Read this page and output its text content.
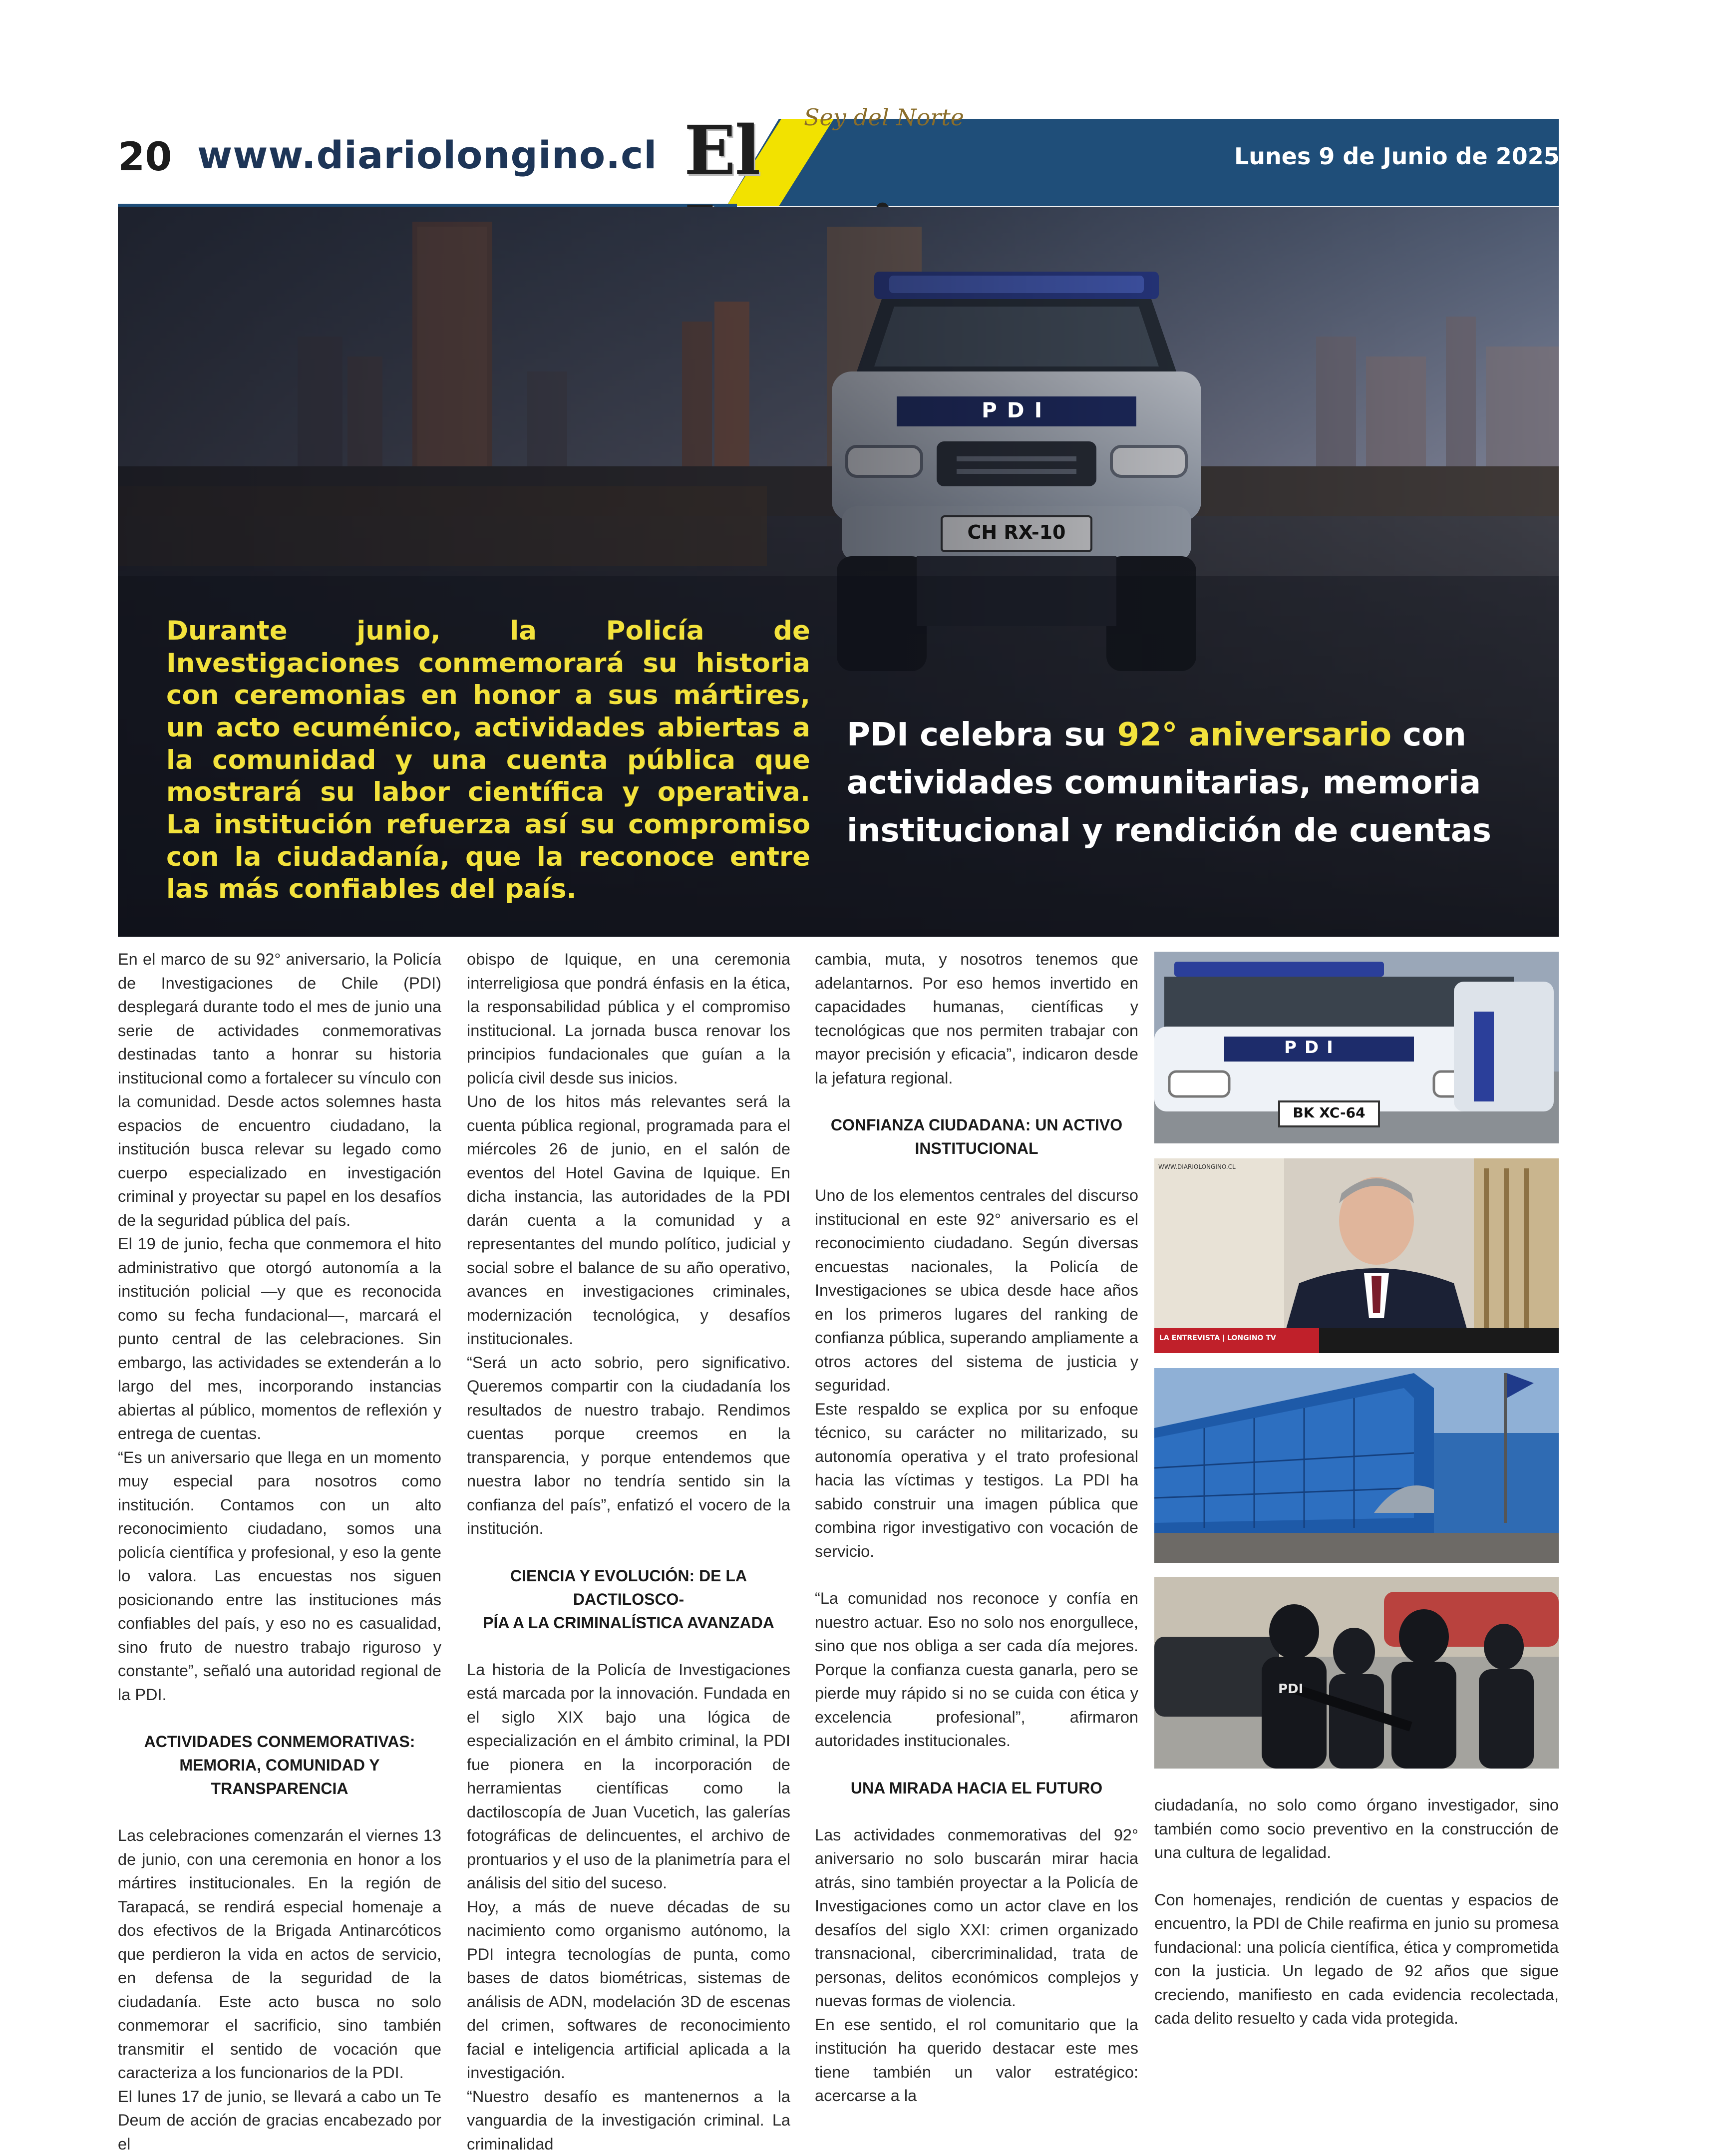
20 www.diariolongino.cl	Lunes 9 de Junio de 2025
Sey del Norte
El
PDI
CH RX-10

Durante junio, la Policía de Investigaciones conmemorará su historia con ceremonias en honor a sus mártires, un acto ecuménico, actividades abiertas a la comunidad y una cuenta pública que mostrará su labor científica y operativa. La institución refuerza así su compromiso con la ciudadanía, que la reconoce entre las más confiables del país.

PDI celebra su 92° aniversario con actividades comunitarias, memoria institucional y rendición de cuentas

En el marco de su 92° aniversario, la Policía de Investigaciones de Chile (PDI) desplegará durante todo el mes de junio una serie de actividades conmemorativas destinadas tanto a honrar su historia institucional como a fortalecer su vínculo con la comunidad. Desde actos solemnes hasta espacios de encuentro ciudadano, la institución busca relevar su legado como cuerpo especializado en investigación criminal y proyectar su papel en los desafíos de la seguridad pública del país.

El 19 de junio, fecha que conmemora el hito administrativo que otorgó autonomía a la institución policial —y que es reconocida como su fecha fundacional—, marcará el punto central de las celebraciones. Sin embargo, las actividades se extenderán a lo largo del mes, incorporando instancias abiertas al público, momentos de reflexión y entrega de cuentas.

“Es un aniversario que llega en un momento muy especial para nosotros como institución. Contamos con un alto reconocimiento ciudadano, somos una policía científica y profesional, y eso la gente lo valora. Las encuestas nos siguen posicionando entre las instituciones más confiables del país, y eso no es casualidad, sino fruto de nuestro trabajo riguroso y constante”, señaló una autoridad regional de la PDI.

ACTIVIDADES CONMEMORATIVAS:
MEMORIA, COMUNIDAD Y TRANSPARENCIA

Las celebraciones comenzarán el viernes 13 de junio, con una ceremonia en honor a los mártires institucionales. En la región de Tarapacá, se rendirá especial homenaje a dos efectivos de la Brigada Antinarcóticos que perdieron la vida en actos de servicio, en defensa de la seguridad de la ciudadanía. Este acto busca no solo conmemorar el sacrificio, sino también transmitir el sentido de vocación que caracteriza a los funcionarios de la PDI.

El lunes 17 de junio, se llevará a cabo un Te Deum de acción de gracias encabezado por el

obispo de Iquique, en una ceremonia interreligiosa que pondrá énfasis en la ética, la responsabilidad pública y el compromiso institucional. La jornada busca renovar los principios fundacionales que guían a la policía civil desde sus inicios.

Uno de los hitos más relevantes será la cuenta pública regional, programada para el miércoles 26 de junio, en el salón de eventos del Hotel Gavina de Iquique. En dicha instancia, las autoridades de la PDI darán cuenta a la comunidad y a representantes del mundo político, judicial y social sobre el balance de su año operativo, avances en investigaciones criminales, modernización tecnológica, y desafíos institucionales.

“Será un acto sobrio, pero significativo. Queremos compartir con la ciudadanía los resultados de nuestro trabajo. Rendimos cuentas porque creemos en la transparencia, y porque entendemos que nuestra labor no tendría sentido sin la confianza del país”, enfatizó el vocero de la institución.

CIENCIA Y EVOLUCIÓN: DE LA DACTILOSCO-
PÍA A LA CRIMINALÍSTICA AVANZADA

La historia de la Policía de Investigaciones está marcada por la innovación. Fundada en el siglo XIX bajo una lógica de especialización en el ámbito criminal, la PDI fue pionera en la incorporación de herramientas científicas como la dactiloscopía de Juan Vucetich, las galerías fotográficas de delincuentes, el archivo de prontuarios y el uso de la planimetría para el análisis del sitio del suceso.

Hoy, a más de nueve décadas de su nacimiento como organismo autónomo, la PDI integra tecnologías de punta, como bases de datos biométricas, sistemas de análisis de ADN, modelación 3D de escenas del crimen, softwares de reconocimiento facial e inteligencia artificial aplicada a la investigación.

“Nuestro desafío es mantenernos a la vanguardia de la investigación criminal. La criminalidad

cambia, muta, y nosotros tenemos que adelantarnos. Por eso hemos invertido en capacidades humanas, científicas y tecnológicas que nos permiten trabajar con mayor precisión y eficacia”, indicaron desde la jefatura regional.

CONFIANZA CIUDADANA: UN ACTIVO INSTITUCIONAL

Uno de los elementos centrales del discurso institucional en este 92° aniversario es el reconocimiento ciudadano. Según diversas encuestas nacionales, la Policía de Investigaciones se ubica desde hace años en los primeros lugares del ranking de confianza pública, superando ampliamente a otros actores del sistema de justicia y seguridad.

Este respaldo se explica por su enfoque técnico, su carácter no militarizado, su autonomía operativa y el trato profesional hacia las víctimas y testigos. La PDI ha sabido construir una imagen pública que combina rigor investigativo con vocación de servicio.

“La comunidad nos reconoce y confía en nuestro actuar. Eso no solo nos enorgullece, sino que nos obliga a ser cada día mejores. Porque la confianza cuesta ganarla, pero se pierde muy rápido si no se cuida con ética y excelencia profesional”, afirmaron autoridades institucionales.

UNA MIRADA HACIA EL FUTURO

Las actividades conmemorativas del 92° aniversario no solo buscarán mirar hacia atrás, sino también proyectar a la Policía de Investigaciones como un actor clave en los desafíos del siglo XXI: crimen organizado transnacional, cibercriminalidad, trata de personas, delitos económicos complejos y nuevas formas de violencia.

En ese sentido, el rol comunitario que la institución ha querido destacar este mes tiene también un valor estratégico: acercarse a la

ciudadanía, no solo como órgano investigador, sino también como socio preventivo en la construcción de una cultura de legalidad.

Con homenajes, rendición de cuentas y espacios de encuentro, la PDI de Chile reafirma en junio su promesa fundacional: una policía científica, ética y comprometida con la justicia. Un legado de 92 años que sigue creciendo, manifiesto en cada evidencia recolectada, cada delito resuelto y cada vida protegida.

PDI
BK XC-64
LA ENTREVISTA | LONGINO TV
WWW.DIARIOLONGINO.CL
PDI
